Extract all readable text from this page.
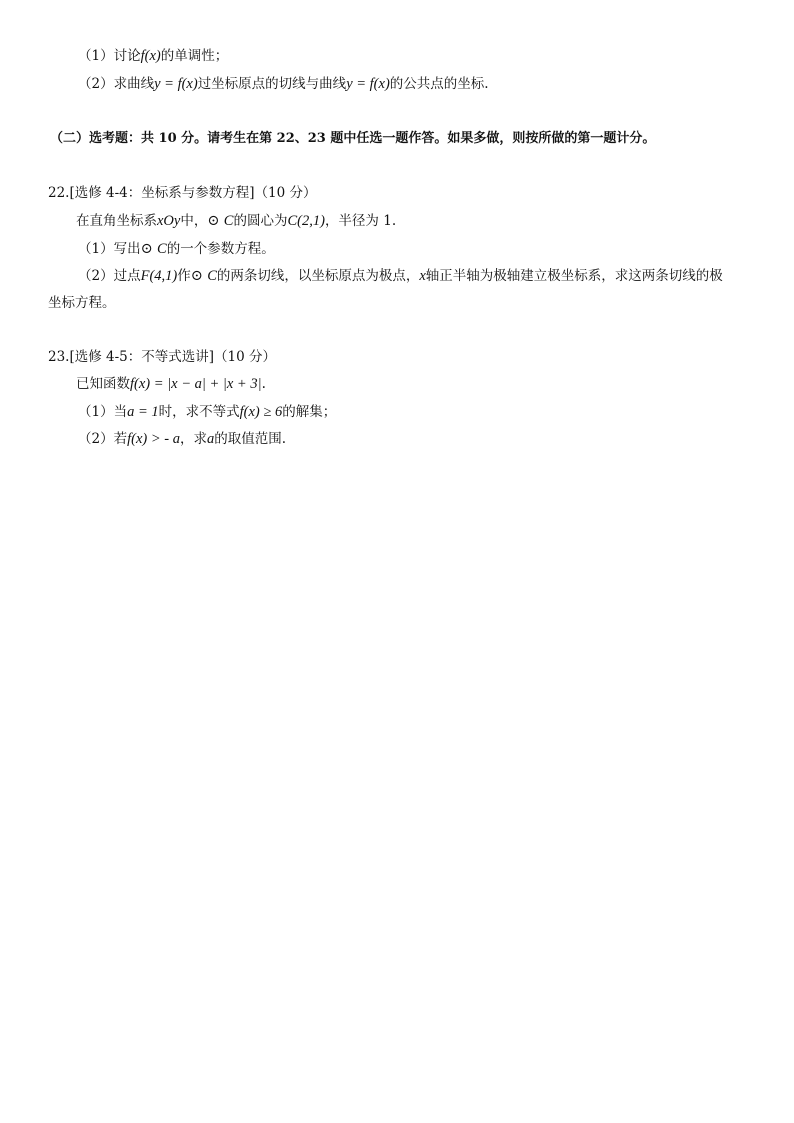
（1）讨论f(x)的单调性；
（2）求曲线y = f(x)过坐标原点的切线与曲线y = f(x)的公共点的坐标.
（二）选考题：共 10 分。请考生在第 22、23 题中任选一题作答。如果多做，则按所做的第一题计分。
22.[选修 4-4：坐标系与参数方程]（10 分）
在直角坐标系xOy中，⊙ C的圆心为C(2,1)，半径为 1.
（1）写出⊙ C的一个参数方程。
（2）过点F(4,1)作⊙ C的两条切线，以坐标原点为极点，x轴正半轴为极轴建立极坐标系，求这两条切线的极
坐标方程。
23.[选修 4-5：不等式选讲]（10 分）
已知函数f(x) = |x − a| + |x + 3|.
（1）当a = 1时，求不等式f(x) ≥ 6的解集；
（2）若f(x) > - a，求a的取值范围.
